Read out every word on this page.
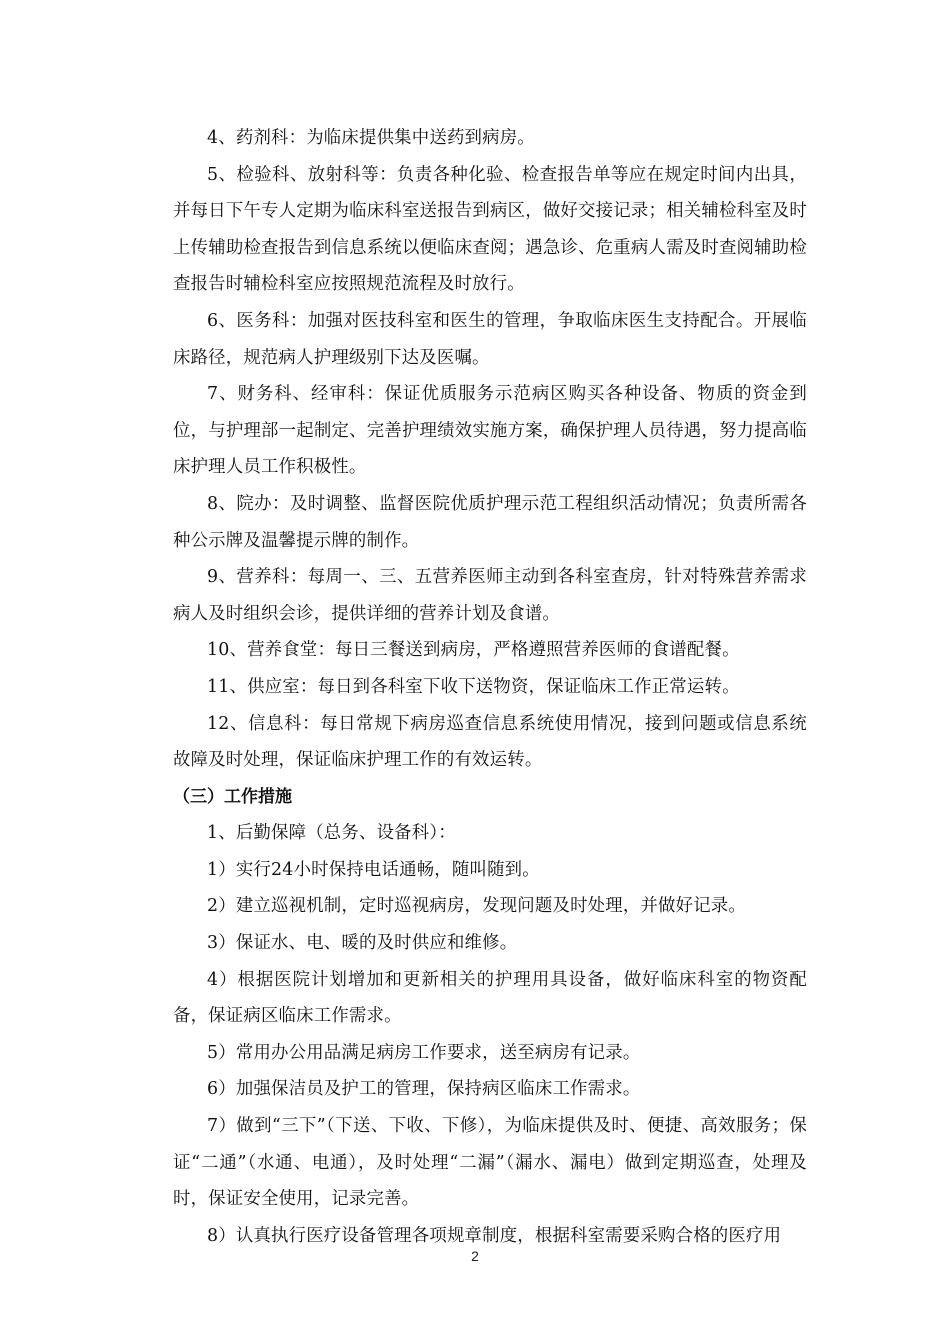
4、药剂科：为临床提供集中送药到病房。

5、检验科、放射科等：负责各种化验、检查报告单等应在规定时间内出具，并每日下午专人定期为临床科室送报告到病区，做好交接记录；相关辅检科室及时上传辅助检查报告到信息系统以便临床查阅；遇急诊、危重病人需及时查阅辅助检查报告时辅检科室应按照规范流程及时放行。

6、医务科：加强对医技科室和医生的管理，争取临床医生支持配合。开展临床路径，规范病人护理级别下达及医嘱。

7、财务科、经审科：保证优质服务示范病区购买各种设备、物质的资金到位，与护理部一起制定、完善护理绩效实施方案，确保护理人员待遇，努力提高临床护理人员工作积极性。

8、院办：及时调整、监督医院优质护理示范工程组织活动情况；负责所需各种公示牌及温馨提示牌的制作。

9、营养科：每周一、三、五营养医师主动到各科室查房，针对特殊营养需求病人及时组织会诊，提供详细的营养计划及食谱。

10、营养食堂：每日三餐送到病房，严格遵照营养医师的食谱配餐。

11、供应室：每日到各科室下收下送物资，保证临床工作正常运转。

12、信息科：每日常规下病房巡查信息系统使用情况，接到问题或信息系统故障及时处理，保证临床护理工作的有效运转。

（三）工作措施

1、后勤保障（总务、设备科）：

1）实行24小时保持电话通畅，随叫随到。

2）建立巡视机制，定时巡视病房，发现问题及时处理，并做好记录。

3）保证水、电、暖的及时供应和维修。

4）根据医院计划增加和更新相关的护理用具设备，做好临床科室的物资配备，保证病区临床工作需求。

5）常用办公用品满足病房工作要求，送至病房有记录。

6）加强保洁员及护工的管理，保持病区临床工作需求。

7）做到“三下”（下送、下收、下修），为临床提供及时、便捷、高效服务；保证“二通”（水通、电通），及时处理“二漏”（漏水、漏电）做到定期巡查，处理及时，保证安全使用，记录完善。

8）认真执行医疗设备管理各项规章制度，根据科室需要采购合格的医疗用

2
